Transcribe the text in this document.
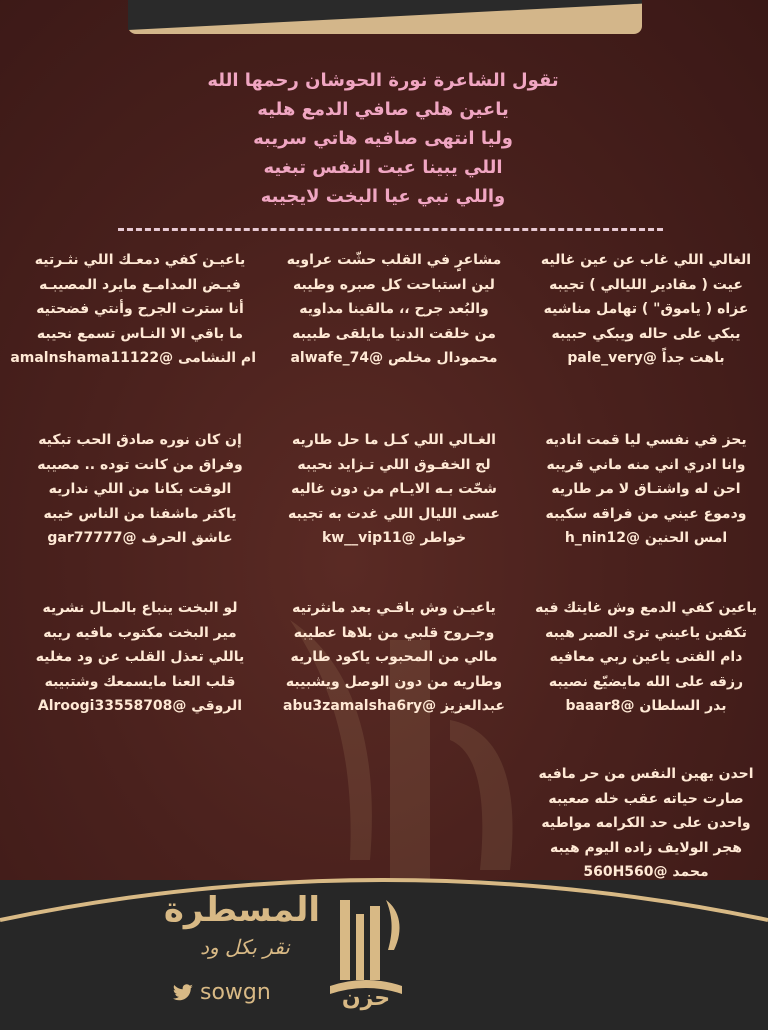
تقول الشاعرة نورة الحوشان رحمها الله
ياعين هلي صافي الدمع هليه
وليا انتهى صافيه هاتي سريبه
اللي يبينا عيت النفس تبغيه
واللي نبي عيا البخت لايجيبه
الغالي اللي غاب عن عين غاليه
عيت ( مقادير الليالي ) تجيبه
عزاه ( ياموق" ) تهامل مناشيه
يبكي على حاله ويبكي حبيبه
باهت جداً @pale_very
مشاعرٍ في القلب حشّت عراويه
لين استباحت كل صبره وطيبه
والبُعد جرح ،، مالقينا مداويه
من خلقت الدنيا مايلقى طبيبه
محمودال مخلص @alwafe_74
ياعيـن كفي دمعـك اللي نثـرتيه
فيـض المدامـع مايرد المصيبـه
أنا سترت الجرح وأنتي فضحتيه
ما باقي الا النـاس تسمع نحيبه
ام النشامى @amalnshama11122
يحز في نفسي ليا قمت اناديه
وانا ادري اني منه ماني قريبه
احن له واشتـاق لا مر طاريه
ودموع عيني من فراقه سكيبه
امس الحنين @h_nin12
الغـالي اللي كـل ما حل طاريه
لج الخفـوق اللي تـزايد نحيبه
شحّت بـه الايـام من دون غاليه
عسى الليال اللي غدت به تجيبه
خواطر @kw__vip11
إن كان نوره صادق الحب تبكيه
وفراق من كانت توده .. مصيبه
الوقت بكانا من اللي نداريه
ياكثر ماشفنا من الناس خيبه
عاشق الحرف @gar77777
ياعين كفي الدمع وش غايتك فيه
تكفين ياعيني ترى الصبر هيبه
دام الفتى ياعين ربي معافيه
رزقه على الله مايضيّع نصيبه
بدر السلطان @baaar8
ياعيـن وش باقـي بعد مانثرتيه
وجـروح قلبي من بلاها عطيبه
مالي من المحبوب ياكود طاريه
وطاريه من دون الوصل ويشبيبه
عبدالعزيز @abu3zamalsha6ry
لو البخت ينباع بالمـال نشريه
مير البخت مكتوب مافيه ريبه
ياللي تعذل القلب عن ود مغليه
قلب العنا مايسمعك وشتبيبه
الروقي @Alroogi33558708
احدن يهين النفس من حر مافيه
صارت حياته عقب خله صعيبه
واحدن على حد الكرامه مواطيه
هجر الولايف زاده اليوم هيبه
محمد @560H560
المسطرة
نقر بكل ود
sowgn	حزن
